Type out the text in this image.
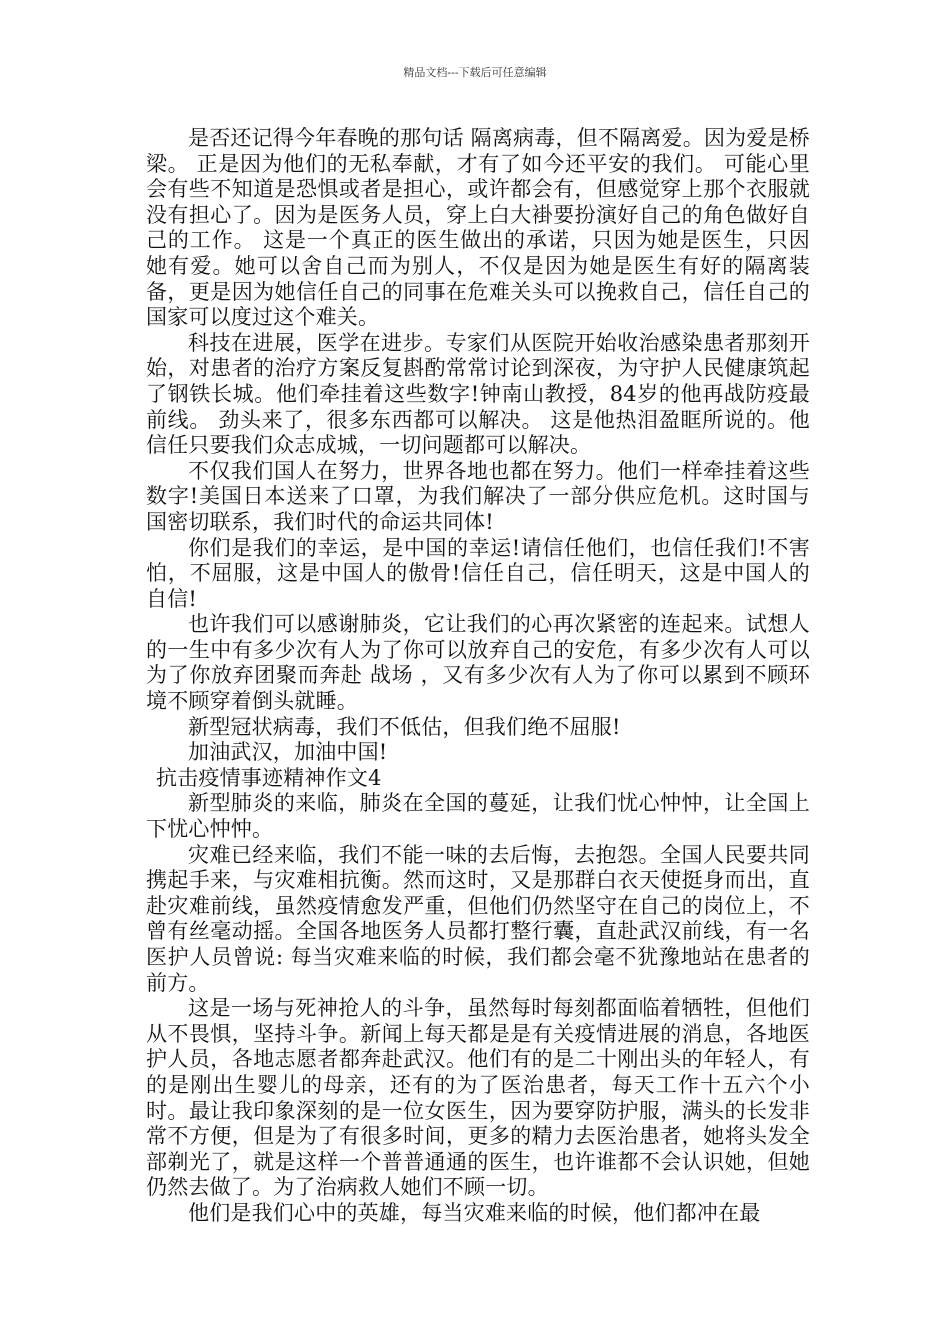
精品文档---下载后可任意编辑

是否还记得今年春晚的那句话 隔离病毒，但不隔离爱。因为爱是桥梁。 正是因为他们的无私奉献，才有了如今还平安的我们。 可能心里会有些不知道是恐惧或者是担心，或许都会有，但感觉穿上那个衣服就没有担心了。因为是医务人员，穿上白大褂要扮演好自己的角色做好自己的工作。 这是一个真正的医生做出的承诺，只因为她是医生，只因她有爱。她可以舍自己而为别人，不仅是因为她是医生有好的隔离装备，更是因为她信任自己的同事在危难关头可以挽救自己，信任自己的国家可以度过这个难关。

科技在进展，医学在进步。专家们从医院开始收治感染患者那刻开始，对患者的治疗方案反复斟酌常常讨论到深夜，为守护人民健康筑起了钢铁长城。他们牵挂着这些数字!钟南山教授，84岁的他再战防疫最前线。 劲头来了，很多东西都可以解决。 这是他热泪盈眶所说的。他信任只要我们众志成城，一切问题都可以解决。

不仅我们国人在努力，世界各地也都在努力。他们一样牵挂着这些数字!美国日本送来了口罩，为我们解决了一部分供应危机。这时国与国密切联系，我们时代的命运共同体!

你们是我们的幸运，是中国的幸运!请信任他们，也信任我们!不害怕，不屈服，这是中国人的傲骨!信任自己，信任明天，这是中国人的自信!

也许我们可以感谢肺炎，它让我们的心再次紧密的连起来。试想人的一生中有多少次有人为了你可以放弃自己的安危，有多少次有人可以为了你放弃团聚而奔赴 战场 ，又有多少次有人为了你可以累到不顾环境不顾穿着倒头就睡。

新型冠状病毒，我们不低估，但我们绝不屈服!

加油武汉，加油中国!

抗击疫情事迹精神作文4

新型肺炎的来临，肺炎在全国的蔓延，让我们忧心忡忡，让全国上下忧心忡忡。

灾难已经来临，我们不能一味的去后悔，去抱怨。全国人民要共同携起手来，与灾难相抗衡。然而这时，又是那群白衣天使挺身而出，直赴灾难前线，虽然疫情愈发严重，但他们仍然坚守在自己的岗位上，不曾有丝毫动摇。全国各地医务人员都打整行囊，直赴武汉前线，有一名医护人员曾说: 每当灾难来临的时候，我们都会毫不犹豫地站在患者的前方。

这是一场与死神抢人的斗争，虽然每时每刻都面临着牺牲，但他们从不畏惧，坚持斗争。新闻上每天都是是有关疫情进展的消息，各地医护人员，各地志愿者都奔赴武汉。他们有的是二十刚出头的年轻人，有的是刚出生婴儿的母亲，还有的为了医治患者，每天工作十五六个小时。最让我印象深刻的是一位女医生，因为要穿防护服，满头的长发非常不方便，但是为了有很多时间，更多的精力去医治患者，她将头发全部剃光了，就是这样一个普普通通的医生，也许谁都不会认识她，但她仍然去做了。为了治病救人她们不顾一切。

他们是我们心中的英雄，每当灾难来临的时候，他们都冲在最
